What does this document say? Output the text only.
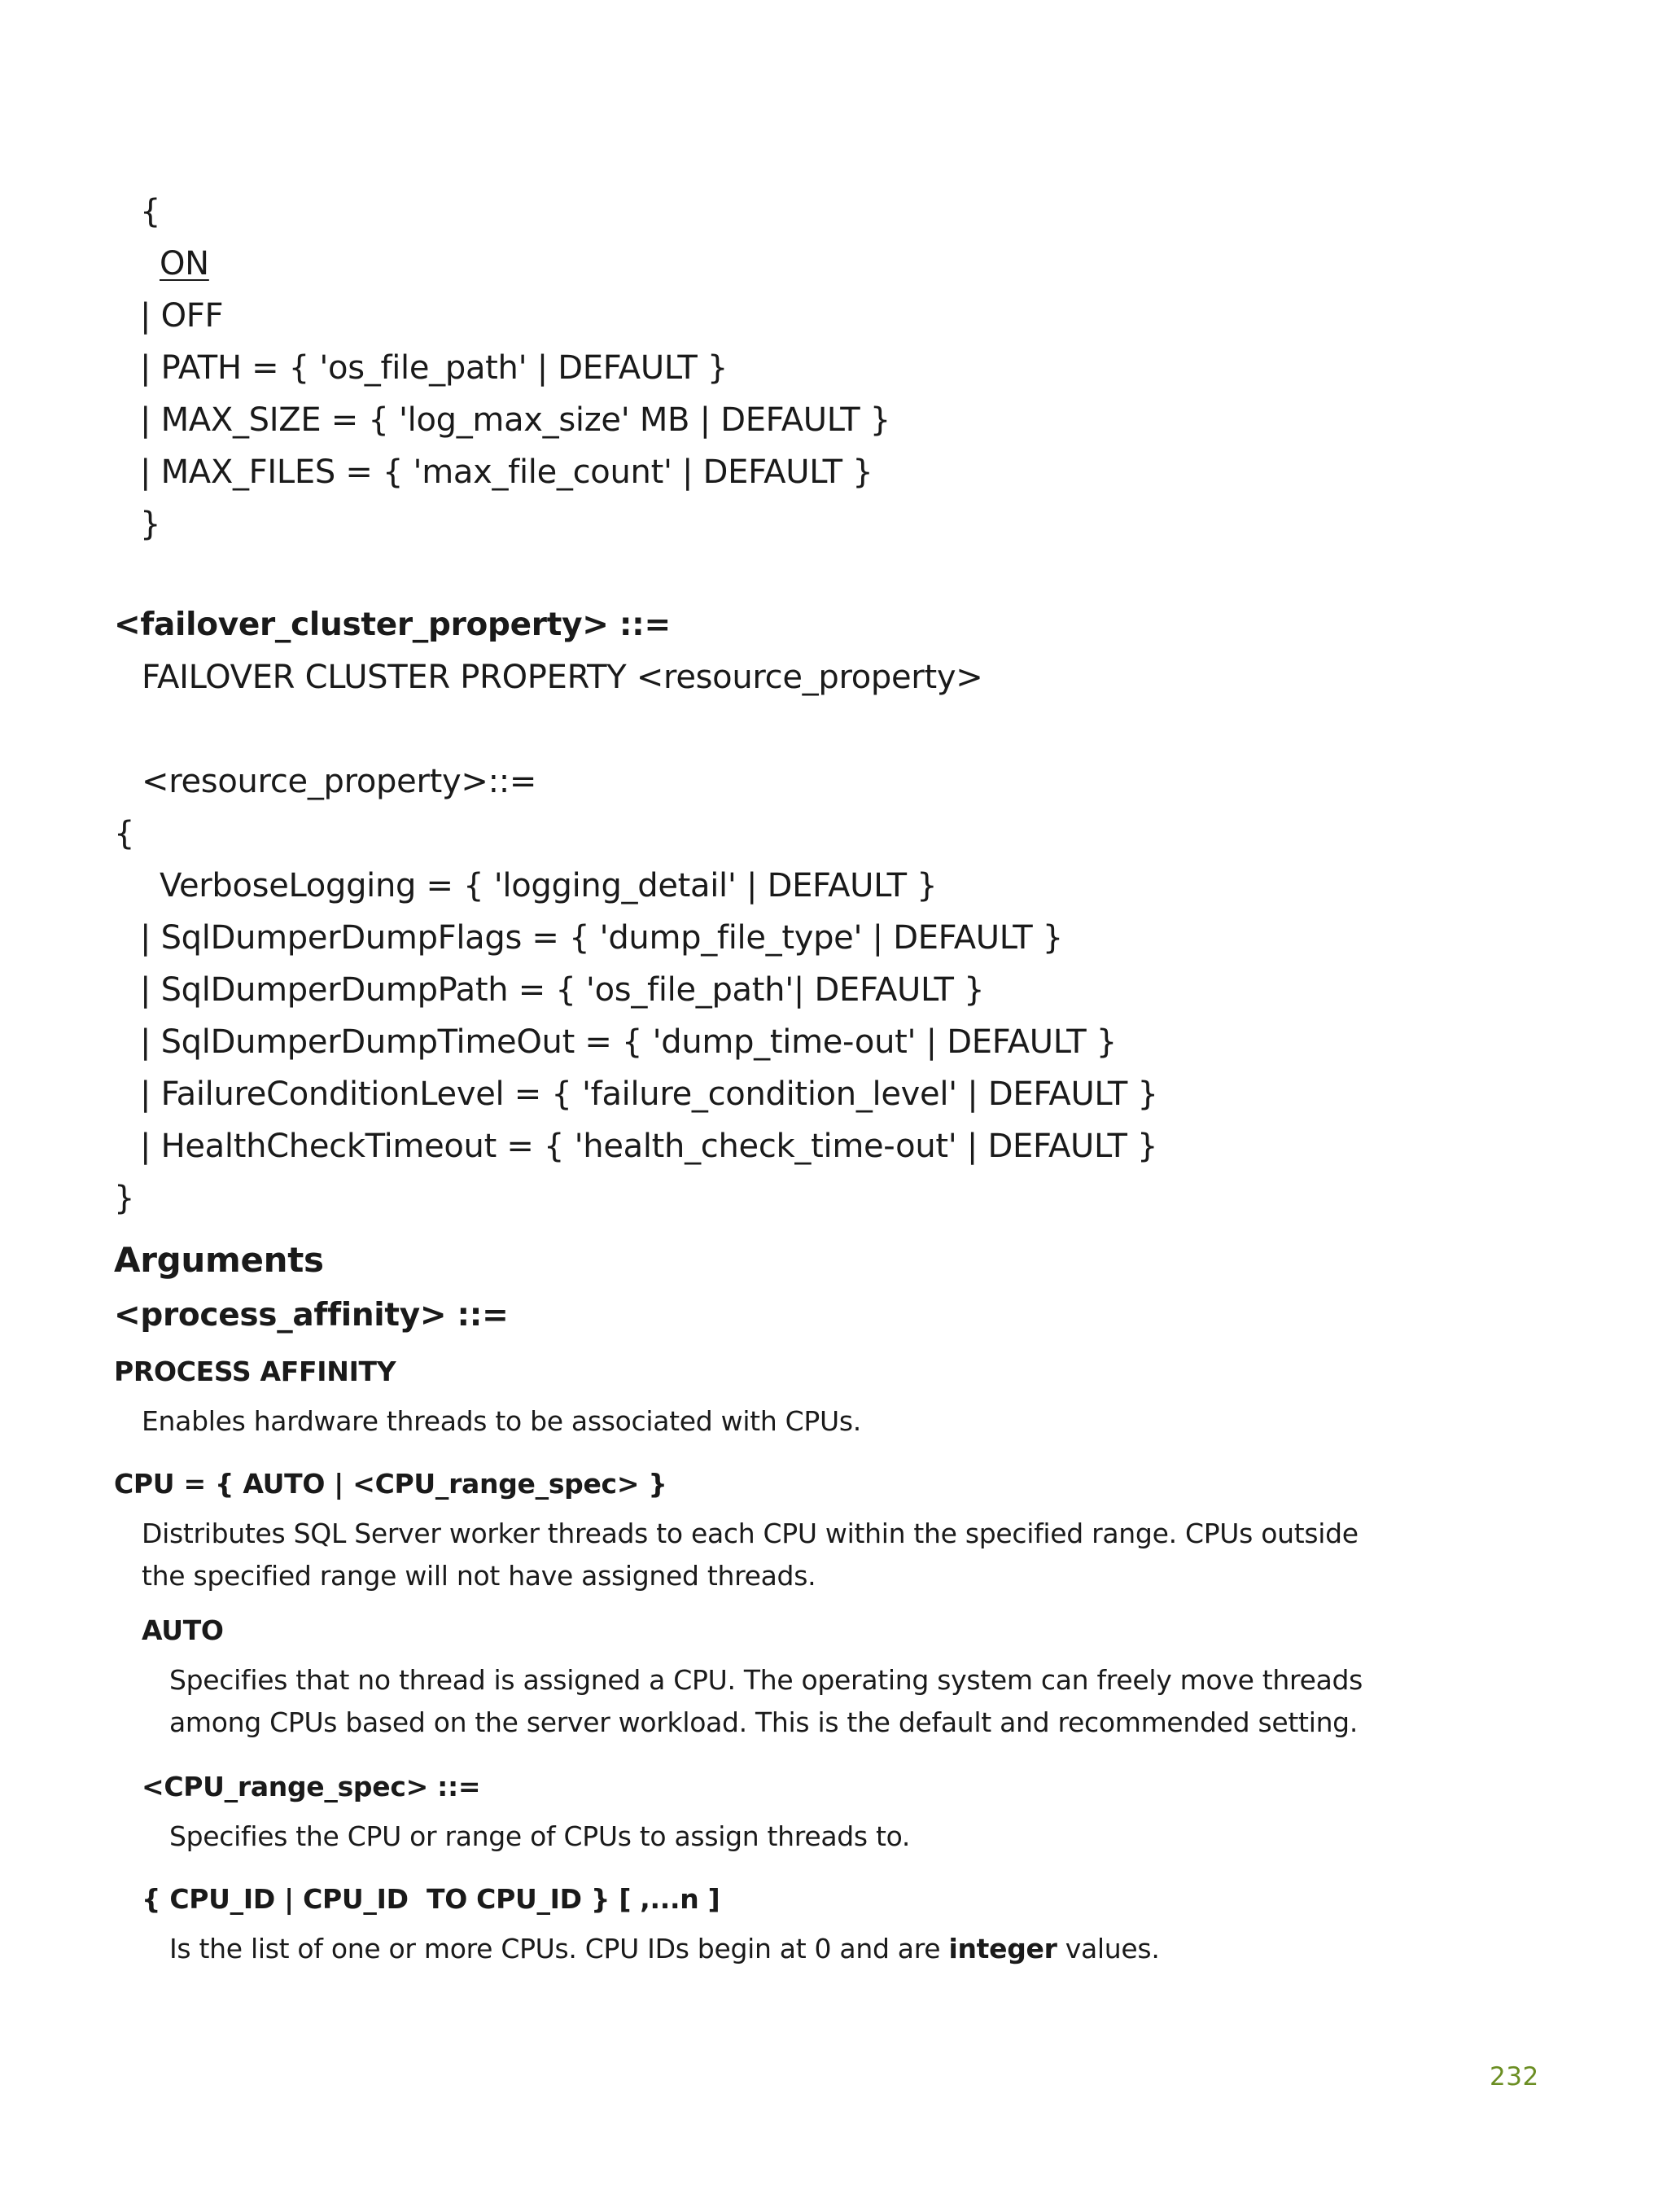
{
ON
| OFF
| PATH = { 'os_file_path' | DEFAULT }
| MAX_SIZE = { 'log_max_size' MB | DEFAULT }
| MAX_FILES = { 'max_file_count' | DEFAULT }
}
<failover_cluster_property> ::=
FAILOVER CLUSTER PROPERTY <resource_property>
<resource_property>::=
{
VerboseLogging = { 'logging_detail' | DEFAULT }
| SqlDumperDumpFlags = { 'dump_file_type' | DEFAULT }
| SqlDumperDumpPath = { 'os_file_path'| DEFAULT }
| SqlDumperDumpTimeOut = { 'dump_time-out' | DEFAULT }
| FailureConditionLevel = { 'failure_condition_level' | DEFAULT }
| HealthCheckTimeout = { 'health_check_time-out' | DEFAULT }
}
Arguments
<process_affinity> ::=
PROCESS AFFINITY
Enables hardware threads to be associated with CPUs.
CPU = { AUTO | <CPU_range_spec> }
Distributes SQL Server worker threads to each CPU within the specified range. CPUs outside
the specified range will not have assigned threads.
AUTO
Specifies that no thread is assigned a CPU. The operating system can freely move threads
among CPUs based on the server workload. This is the default and recommended setting.
<CPU_range_spec> ::=
Specifies the CPU or range of CPUs to assign threads to.
{ CPU_ID | CPU_ID  TO CPU_ID } [ ,...n ]
Is the list of one or more CPUs. CPU IDs begin at 0 and are integer values.
232
